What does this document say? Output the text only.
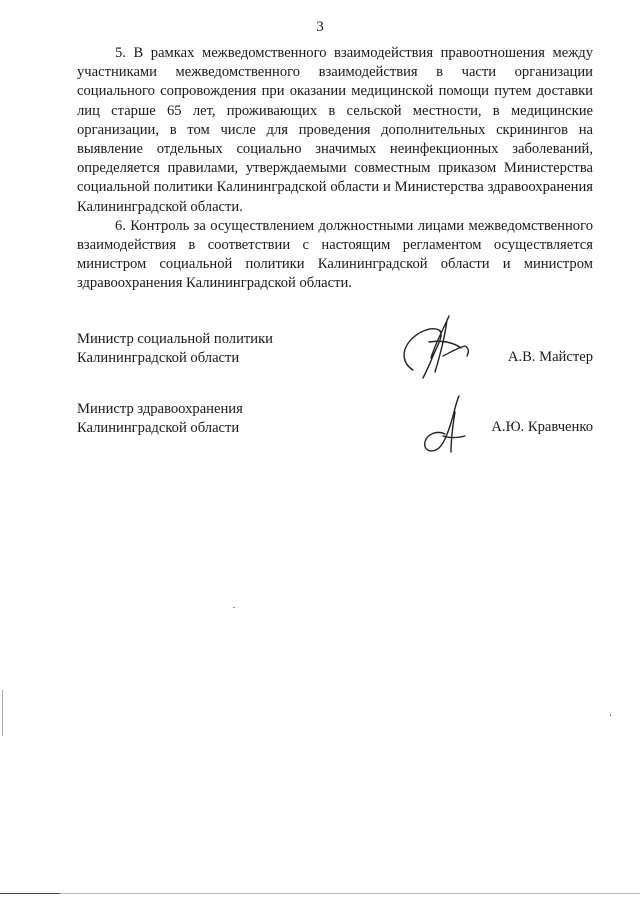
3

5. В рамках межведомственного взаимодействия правоотношения между участниками межведомственного взаимодействия в части организации социального сопровождения при оказании медицинской помощи путем доставки лиц старше 65 лет, проживающих в сельской местности, в медицинские организации, в том числе для проведения дополнительных скринингов на выявление отдельных социально значимых неинфекционных заболеваний, определяется правилами, утверждаемыми совместным приказом Министерства социальной политики Калининградской области и Министерства здравоохранения Калининградской области.

6. Контроль за осуществлением должностными лицами межведомственного взаимодействия в соответствии с настоящим регламентом осуществляется министром социальной политики Калининградской области и министром здравоохранения Калининградской области.

Министр социальной политики
Калининградской области	А.В. Майстер
Министр здравоохранения
Калининградской области	А.Ю. Кравченко
